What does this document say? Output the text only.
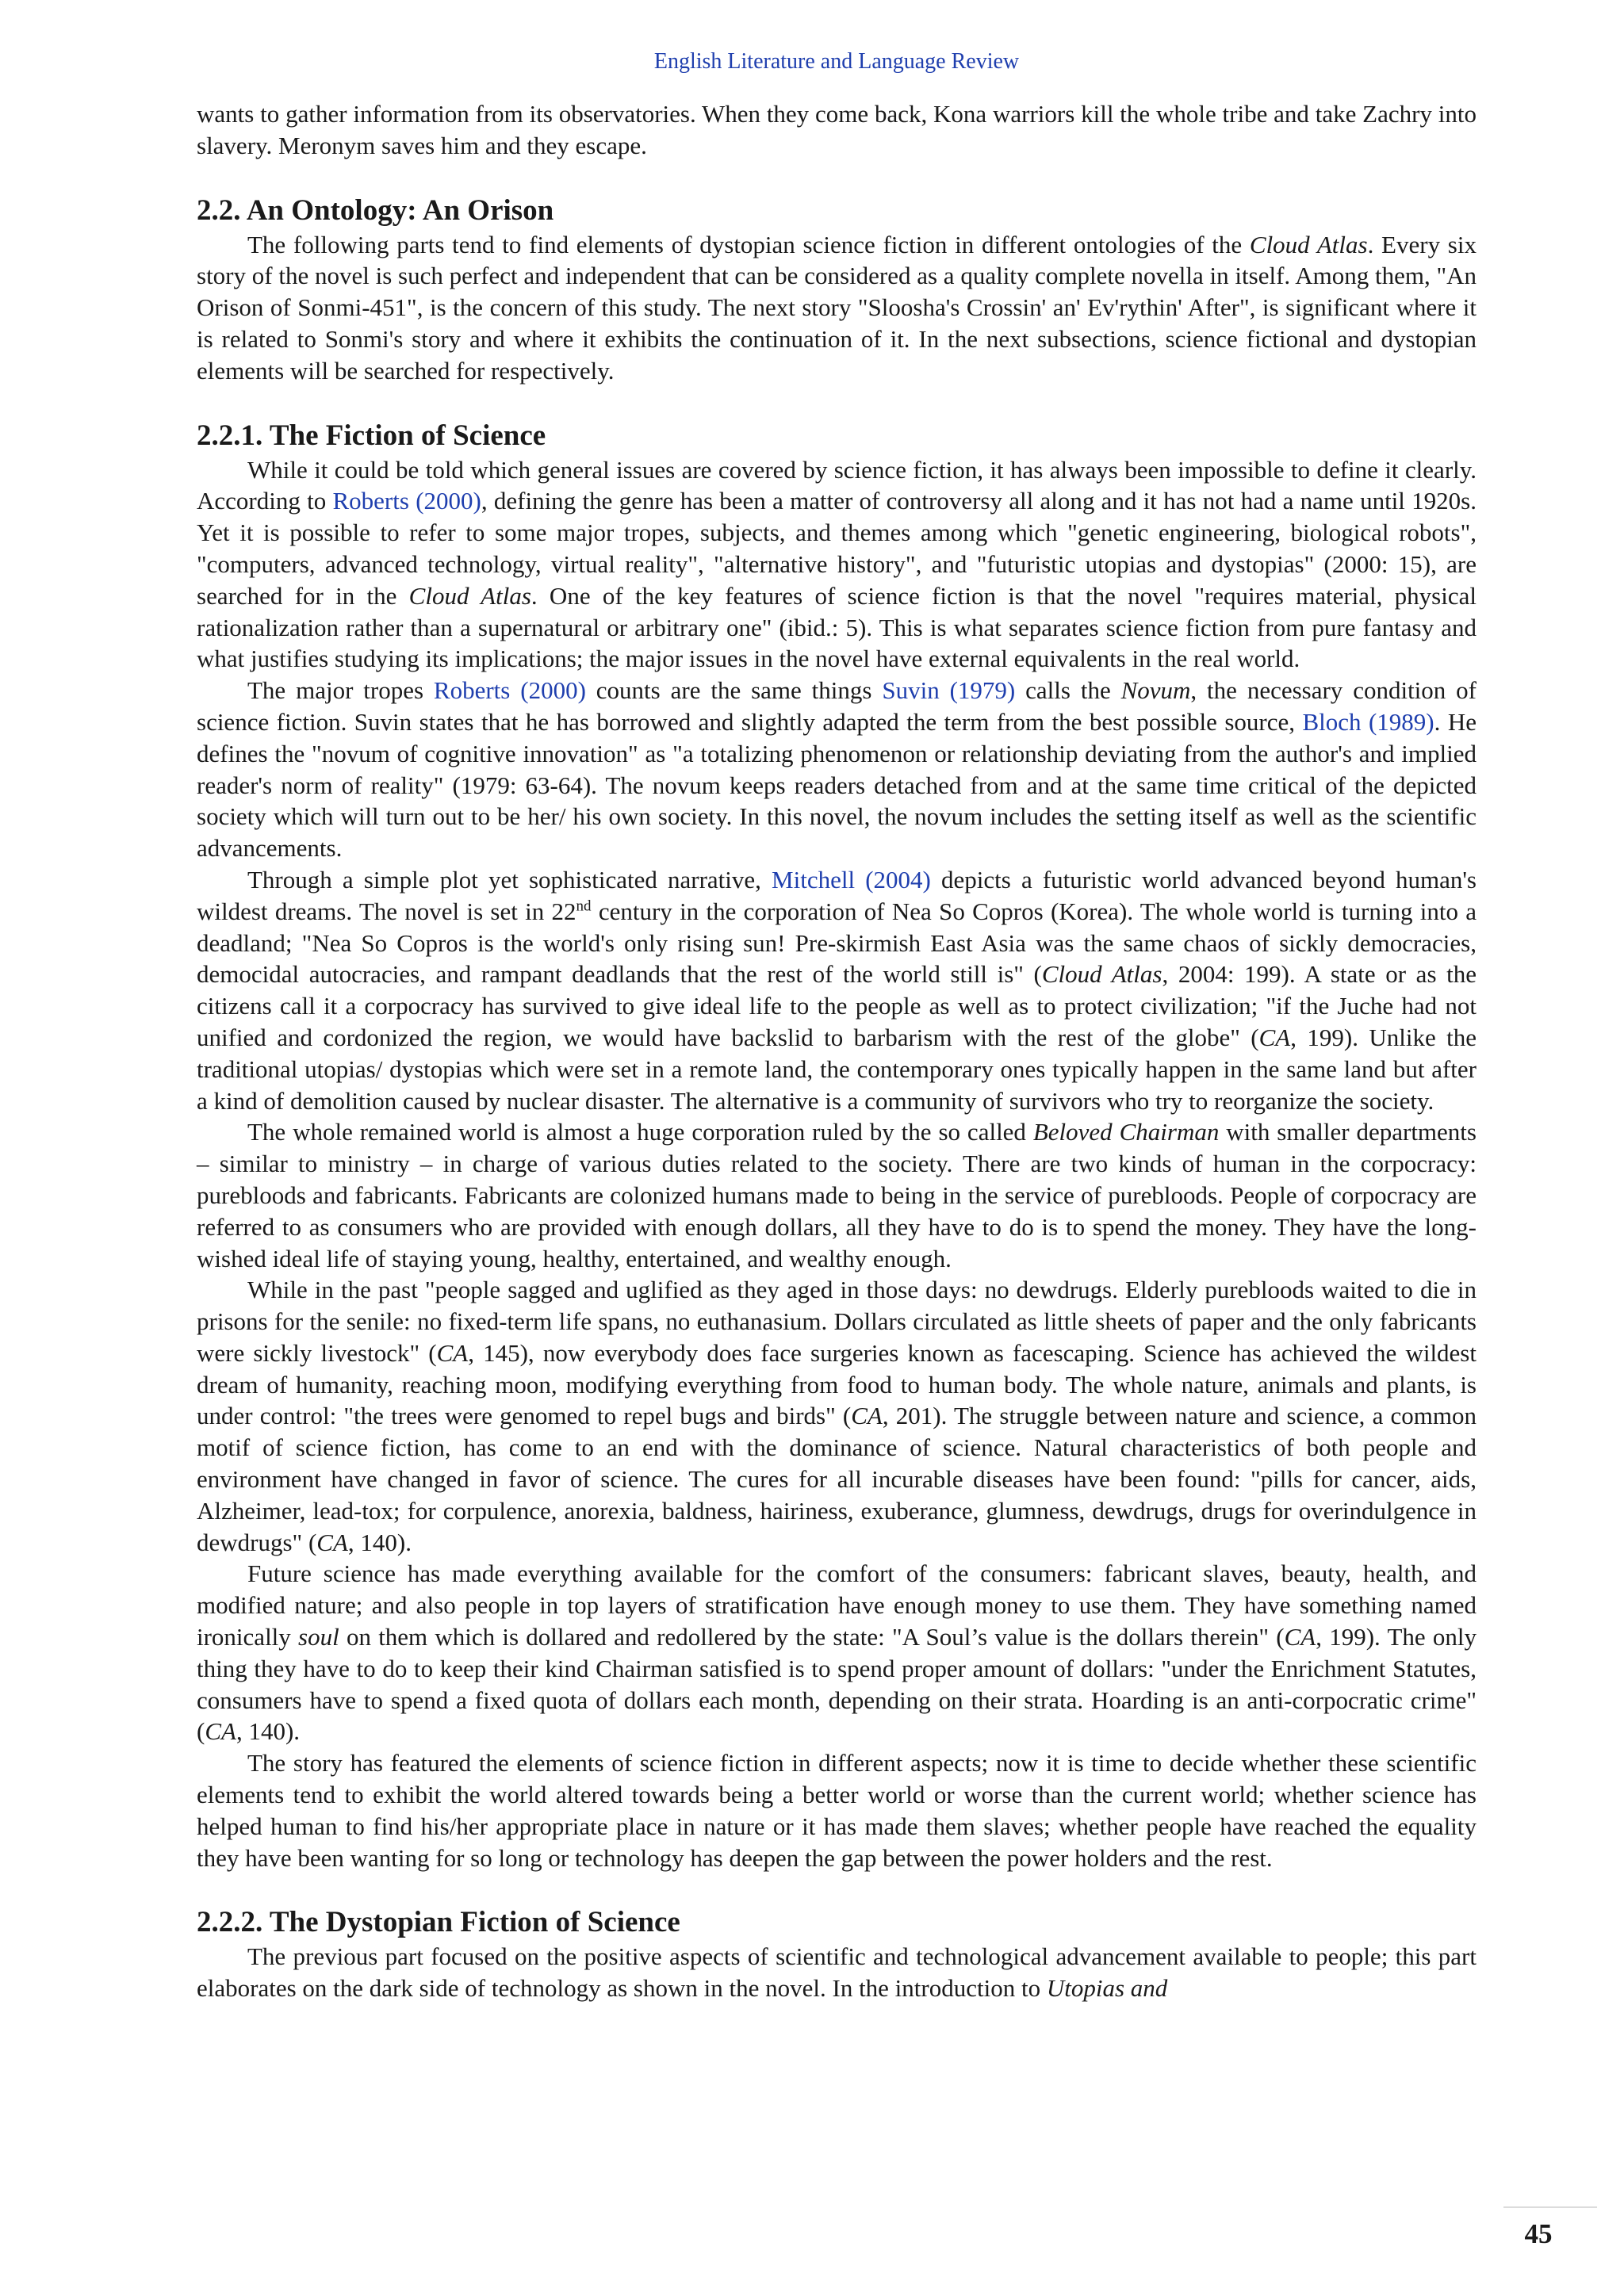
English Literature and Language Review

wants to gather information from its observatories. When they come back, Kona warriors kill the whole tribe and take Zachry into slavery. Meronym saves him and they escape.

2.2. An Ontology: An Orison

The following parts tend to find elements of dystopian science fiction in different ontologies of the Cloud Atlas. Every six story of the novel is such perfect and independent that can be considered as a quality complete novella in itself. Among them, "An Orison of Sonmi-451", is the concern of this study. The next story "Sloosha's Crossin' an' Ev'rythin' After", is significant where it is related to Sonmi's story and where it exhibits the continuation of it. In the next subsections, science fictional and dystopian elements will be searched for respectively.

2.2.1. The Fiction of Science

While it could be told which general issues are covered by science fiction, it has always been impossible to define it clearly. According to Roberts (2000), defining the genre has been a matter of controversy all along and it has not had a name until 1920s. Yet it is possible to refer to some major tropes, subjects, and themes among which "genetic engineering, biological robots", "computers, advanced technology, virtual reality", "alternative history", and "futuristic utopias and dystopias" (2000: 15), are searched for in the Cloud Atlas. One of the key features of science fiction is that the novel "requires material, physical rationalization rather than a supernatural or arbitrary one" (ibid.: 5). This is what separates science fiction from pure fantasy and what justifies studying its implications; the major issues in the novel have external equivalents in the real world.

The major tropes Roberts (2000) counts are the same things Suvin (1979) calls the Novum, the necessary condition of science fiction. Suvin states that he has borrowed and slightly adapted the term from the best possible source, Bloch (1989). He defines the "novum of cognitive innovation" as "a totalizing phenomenon or relationship deviating from the author's and implied reader's norm of reality" (1979: 63-64). The novum keeps readers detached from and at the same time critical of the depicted society which will turn out to be her/ his own society. In this novel, the novum includes the setting itself as well as the scientific advancements.

Through a simple plot yet sophisticated narrative, Mitchell (2004) depicts a futuristic world advanced beyond human's wildest dreams. The novel is set in 22nd century in the corporation of Nea So Copros (Korea). The whole world is turning into a deadland; "Nea So Copros is the world's only rising sun! Pre-skirmish East Asia was the same chaos of sickly democracies, democidal autocracies, and rampant deadlands that the rest of the world still is" (Cloud Atlas, 2004: 199). A state or as the citizens call it a corpocracy has survived to give ideal life to the people as well as to protect civilization; "if the Juche had not unified and cordonized the region, we would have backslid to barbarism with the rest of the globe" (CA, 199). Unlike the traditional utopias/ dystopias which were set in a remote land, the contemporary ones typically happen in the same land but after a kind of demolition caused by nuclear disaster. The alternative is a community of survivors who try to reorganize the society.

The whole remained world is almost a huge corporation ruled by the so called Beloved Chairman with smaller departments – similar to ministry – in charge of various duties related to the society. There are two kinds of human in the corpocracy: purebloods and fabricants. Fabricants are colonized humans made to being in the service of purebloods. People of corpocracy are referred to as consumers who are provided with enough dollars, all they have to do is to spend the money. They have the long-wished ideal life of staying young, healthy, entertained, and wealthy enough.

While in the past "people sagged and uglified as they aged in those days: no dewdrugs. Elderly purebloods waited to die in prisons for the senile: no fixed-term life spans, no euthanasium. Dollars circulated as little sheets of paper and the only fabricants were sickly livestock" (CA, 145), now everybody does face surgeries known as facescaping. Science has achieved the wildest dream of humanity, reaching moon, modifying everything from food to human body. The whole nature, animals and plants, is under control: "the trees were genomed to repel bugs and birds" (CA, 201). The struggle between nature and science, a common motif of science fiction, has come to an end with the dominance of science. Natural characteristics of both people and environment have changed in favor of science. The cures for all incurable diseases have been found: "pills for cancer, aids, Alzheimer, lead-tox; for corpulence, anorexia, baldness, hairiness, exuberance, glumness, dewdrugs, drugs for overindulgence in dewdrugs" (CA, 140).

Future science has made everything available for the comfort of the consumers: fabricant slaves, beauty, health, and modified nature; and also people in top layers of stratification have enough money to use them. They have something named ironically soul on them which is dollared and redollered by the state: "A Soul’s value is the dollars therein" (CA, 199). The only thing they have to do to keep their kind Chairman satisfied is to spend proper amount of dollars: "under the Enrichment Statutes, consumers have to spend a fixed quota of dollars each month, depending on their strata. Hoarding is an anti-corpocratic crime" (CA, 140).

The story has featured the elements of science fiction in different aspects; now it is time to decide whether these scientific elements tend to exhibit the world altered towards being a better world or worse than the current world; whether science has helped human to find his/her appropriate place in nature or it has made them slaves; whether people have reached the equality they have been wanting for so long or technology has deepen the gap between the power holders and the rest.

2.2.2. The Dystopian Fiction of Science

The previous part focused on the positive aspects of scientific and technological advancement available to people; this part elaborates on the dark side of technology as shown in the novel. In the introduction to Utopias and

45
